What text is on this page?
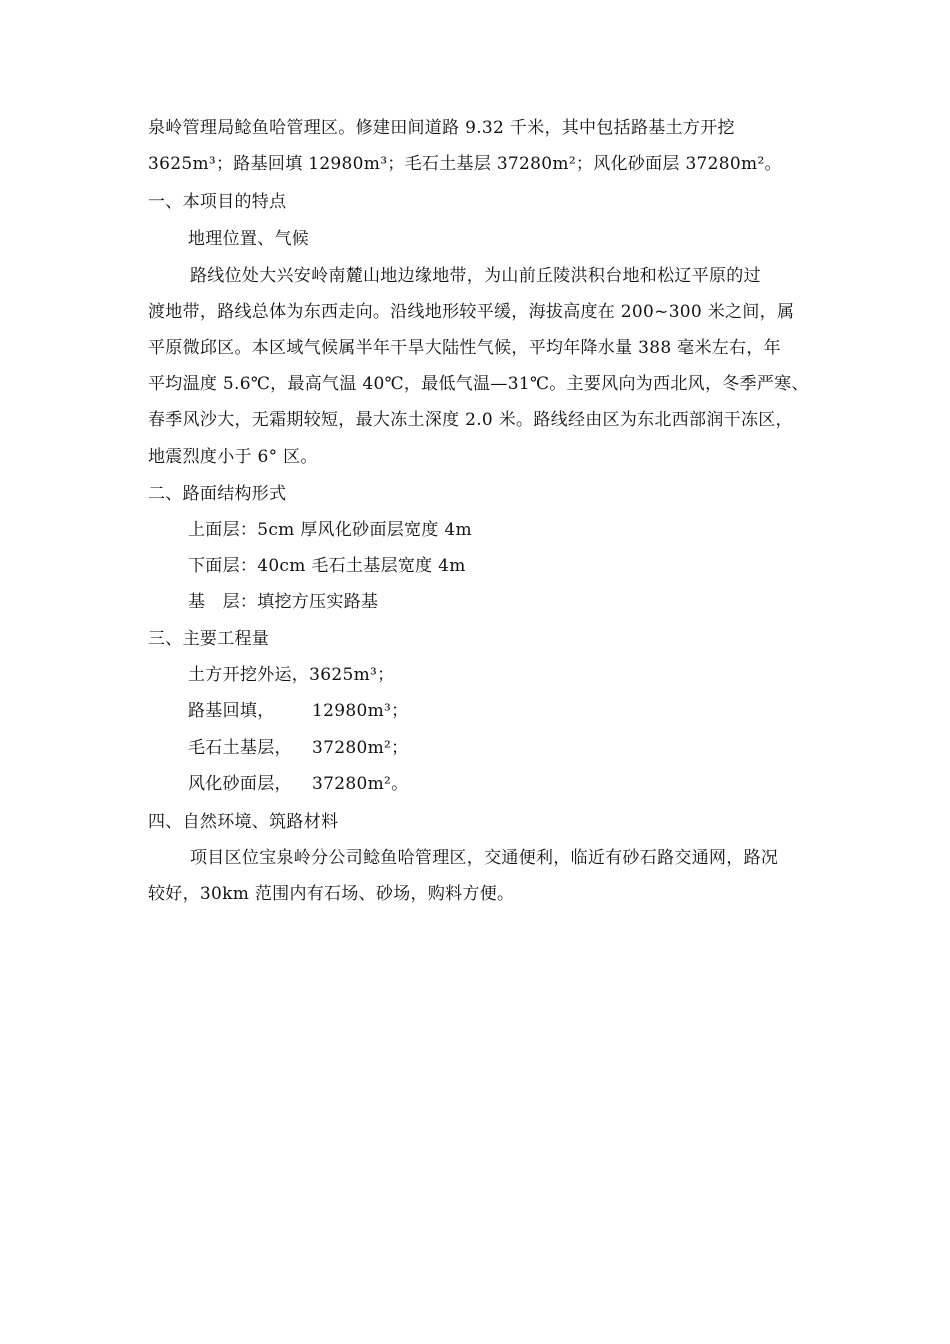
泉岭管理局鲶鱼哈管理区。修建田间道路 9.32 千米，其中包括路基土方开挖
3625m³；路基回填 12980m³；毛石土基层 37280m²；风化砂面层 37280m²。
一、本项目的特点
地理位置、气候
路线位处大兴安岭南麓山地边缘地带，为山前丘陵洪积台地和松辽平原的过
渡地带，路线总体为东西走向。沿线地形较平缓，海拔高度在 200~300 米之间，属
平原微邱区。本区域气候属半年干旱大陆性气候，平均年降水量 388 毫米左右，年
平均温度 5.6℃，最高气温 40℃，最低气温—31℃。主要风向为西北风，冬季严寒、
春季风沙大，无霜期较短，最大冻土深度 2.0 米。路线经由区为东北西部润干冻区，
地震烈度小于 6° 区。
二、路面结构形式
上面层：5cm 厚风化砂面层宽度 4m
下面层：40cm 毛石土基层宽度 4m
基　层：填挖方压实路基
三、主要工程量
土方开挖外运，3625m³；
路基回填， 12980m³；
毛石土基层， 37280m²；
风化砂面层， 37280m²。
四、自然环境、筑路材料
项目区位宝泉岭分公司鲶鱼哈管理区，交通便利，临近有砂石路交通网，路况
较好，30km 范围内有石场、砂场，购料方便。
